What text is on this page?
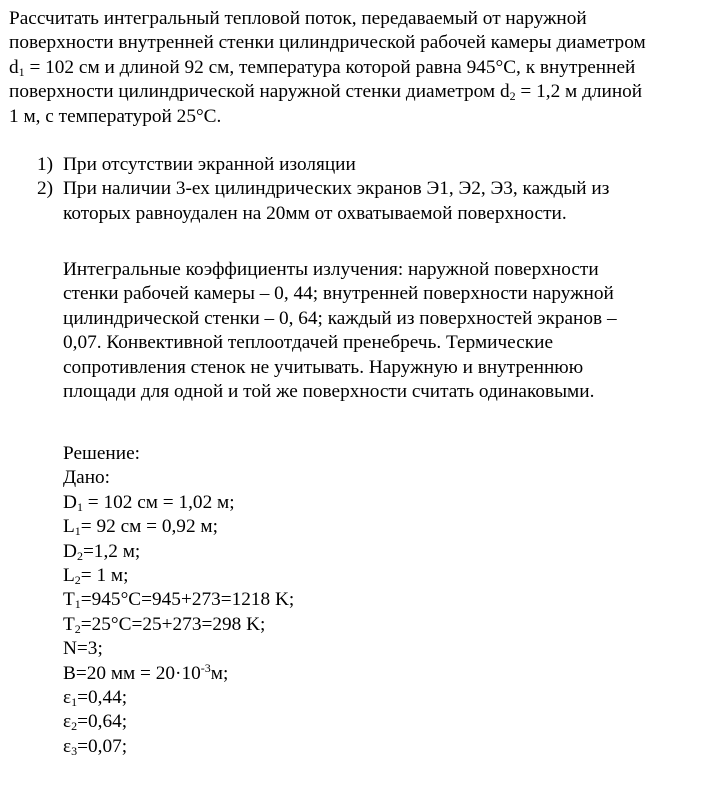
Рассчитать интегральный тепловой поток, передаваемый от наружной
поверхности внутренней стенки цилиндрической рабочей камеры диаметром
$d_1 = 102$ см и длиной 92 см, температура которой равна 945°C, к внутренней
поверхности цилиндрической наружной стенки диаметром $d_2 = 1,2$ м длиной
1 м, с температурой 25°C.
1) При отсутствии экранной изоляции
2) При наличии 3-ех цилиндрических экранов Э1, Э2, Э3, каждый из
которых равноудален на 20мм от охватываемой поверхности.
Интегральные коэффициенты излучения: наружной поверхности
стенки рабочей камеры – 0, 44; внутренней поверхности наружной
цилиндрической стенки – 0, 64; каждый из поверхностей экранов –
0,07. Конвективной теплоотдачей пренебречь. Термические
сопротивления стенок не учитывать. Наружную и внутреннюю
площади для одной и той же поверхности считать одинаковыми.
Решение:
Дано:
$D_1 = 102$ см = 1,02 м;
$L_1= 92$ см = 0,92 м;
$D_2=1,2$ м;
$L_2= 1$ м;
$T_1=945^\circ C=945+273=1218$ K;
$T_2=25^\circ C=25+273=298$ K;
N=3;
B=20 мм = $20\cdot 10^{-3}м$;
$\varepsilon_1=0,44$;
$\varepsilon_2=0,64$;
$\varepsilon_3=0,07$;
